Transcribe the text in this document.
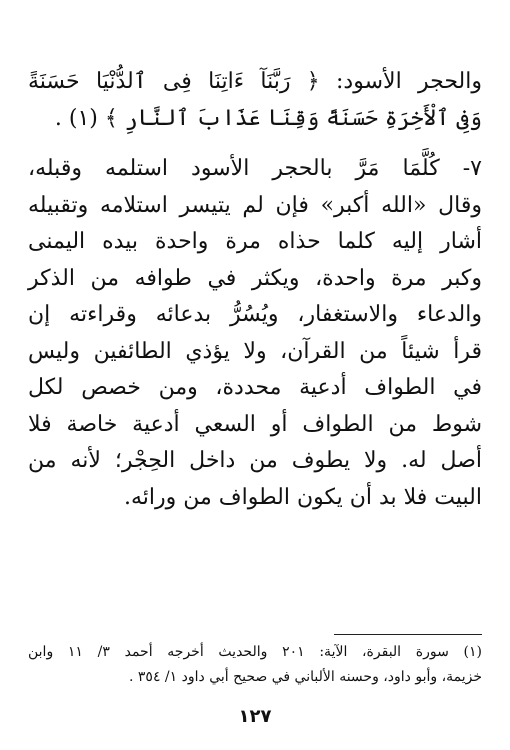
والحجر الأسود: ﴿ رَبَّنَآ ءَاتِنَا فِى ٱلدُّنْيَا حَسَنَةً
وَفِى ٱلْأَخِرَةِ حَسَنَةً وَقِنَا عَذَابَ ٱلنَّارِ ﴾ (١) .
٧- كُلَّمَا مَرَّ بالحجر الأسود استلمه وقبله،
وقال «الله أكبر» فإن لم يتيسر استلامه وتقبيله
أشار إليه كلما حذاه مرة واحدة بيده اليمنى
وكبر مرة واحدة، ويكثر في طوافه من الذكر
والدعاء والاستغفار، ويُسُرُّ بدعائه وقراءته إن
قرأ شيئاً من القرآن، ولا يؤذي الطائفين وليس
في الطواف أدعية محددة، ومن خصص لكل
شوط من الطواف أو السعي أدعية خاصة فلا
أصل له. ولا يطوف من داخل الحِجْر؛ لأنه من
البيت فلا بد أن يكون الطواف من ورائه.
(١) سورة البقرة، الآية: ٢٠١ والحديث أخرجه أحمد ٣/ ١١ وابن
خزيمة، وأبو داود، وحسنه الألباني في صحيح أبي داود ١/ ٣٥٤ .
١٢٧
